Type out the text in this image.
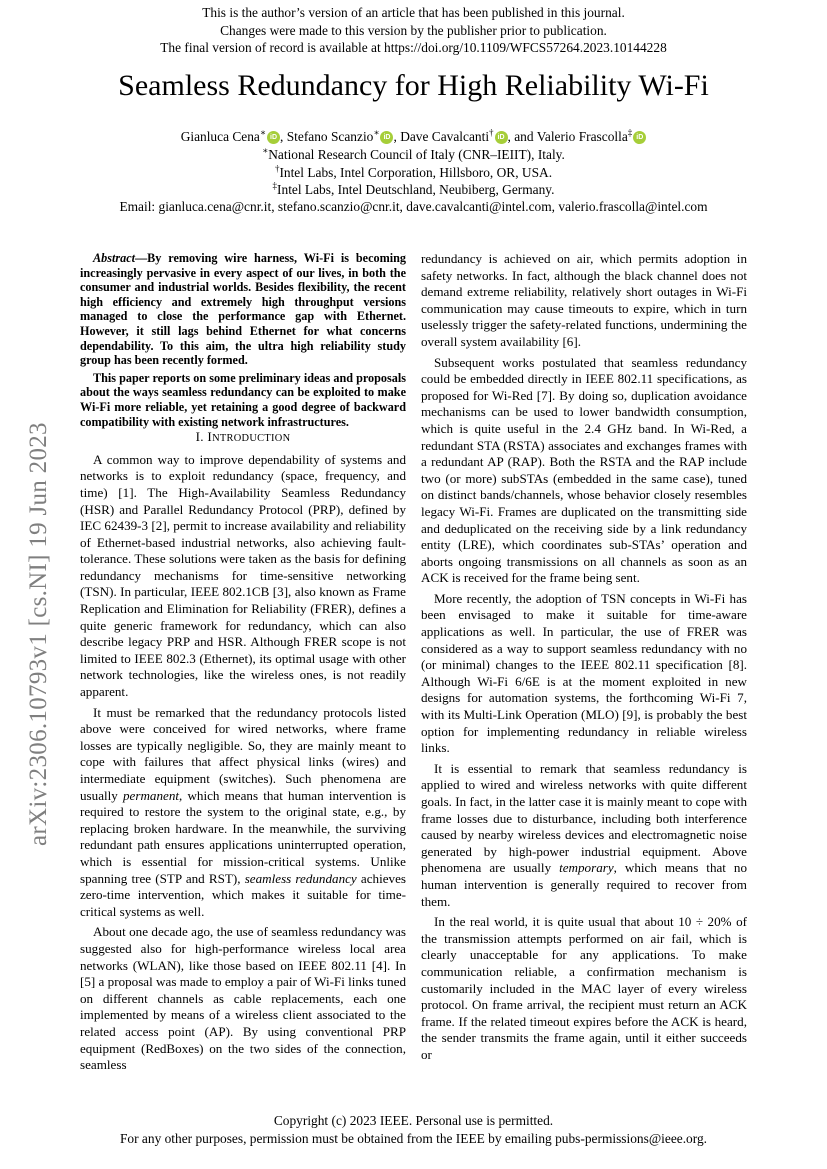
This is the author’s version of an article that has been published in this journal.
Changes were made to this version by the publisher prior to publication.
The final version of record is available at https://doi.org/10.1109/WFCS57264.2023.10144228
Seamless Redundancy for High Reliability Wi-Fi
Gianluca Cena∗ iD , Stefano Scanzio∗ iD , Dave Cavalcanti† iD , and Valerio Frascolla‡ iD
∗National Research Council of Italy (CNR–IEIIT), Italy.
†Intel Labs, Intel Corporation, Hillsboro, OR, USA.
‡Intel Labs, Intel Deutschland, Neubiberg, Germany.
Email: gianluca.cena@cnr.it, stefano.scanzio@cnr.it, dave.cavalcanti@intel.com, valerio.frascolla@intel.com
arXiv:2306.10793v1 [cs.NI] 19 Jun 2023

Abstract—By removing wire harness, Wi-Fi is becoming increasingly pervasive in every aspect of our lives, in both the consumer and industrial worlds. Besides flexibility, the recent high efficiency and extremely high throughput versions managed to close the performance gap with Ethernet. However, it still lags behind Ethernet for what concerns dependability. To this aim, the ultra high reliability study group has been recently formed.

This paper reports on some preliminary ideas and proposals about the ways seamless redundancy can be exploited to make Wi-Fi more reliable, yet retaining a good degree of backward compatibility with existing network infrastructures.

I. INTRODUCTION

A common way to improve dependability of systems and networks is to exploit redundancy (space, frequency, and time) [1]. The High-Availability Seamless Redundancy (HSR) and Parallel Redundancy Protocol (PRP), defined by IEC 62439-3 [2], permit to increase availability and reliability of Ethernet-based industrial networks, also achieving fault-tolerance. These solutions were taken as the basis for defining redundancy mechanisms for time-sensitive networking (TSN). In particular, IEEE 802.1CB [3], also known as Frame Replication and Elimination for Reliability (FRER), defines a quite generic framework for redundancy, which can also describe legacy PRP and HSR. Although FRER scope is not limited to IEEE 802.3 (Ethernet), its optimal usage with other network technologies, like the wireless ones, is not readily apparent.

It must be remarked that the redundancy protocols listed above were conceived for wired networks, where frame losses are typically negligible. So, they are mainly meant to cope with failures that affect physical links (wires) and intermediate equipment (switches). Such phenomena are usually permanent, which means that human intervention is required to restore the system to the original state, e.g., by replacing broken hardware. In the meanwhile, the surviving redundant path ensures applications uninterrupted operation, which is essential for mission-critical systems. Unlike spanning tree (STP and RST), seamless redundancy achieves zero-time intervention, which makes it suitable for time-critical systems as well.

About one decade ago, the use of seamless redundancy was suggested also for high-performance wireless local area networks (WLAN), like those based on IEEE 802.11 [4]. In [5] a proposal was made to employ a pair of Wi-Fi links tuned on different channels as cable replacements, each one implemented by means of a wireless client associated to the related access point (AP). By using conventional PRP equipment (RedBoxes) on the two sides of the connection, seamless

redundancy is achieved on air, which permits adoption in safety networks. In fact, although the black channel does not demand extreme reliability, relatively short outages in Wi-Fi communication may cause timeouts to expire, which in turn uselessly trigger the safety-related functions, undermining the overall system availability [6].

Subsequent works postulated that seamless redundancy could be embedded directly in IEEE 802.11 specifications, as proposed for Wi-Red [7]. By doing so, duplication avoidance mechanisms can be used to lower bandwidth consumption, which is quite useful in the 2.4 GHz band. In Wi-Red, a redundant STA (RSTA) associates and exchanges frames with a redundant AP (RAP). Both the RSTA and the RAP include two (or more) subSTAs (embedded in the same case), tuned on distinct bands/channels, whose behavior closely resembles legacy Wi-Fi. Frames are duplicated on the transmitting side and deduplicated on the receiving side by a link redundancy entity (LRE), which coordinates sub-STAs’ operation and aborts ongoing transmissions on all channels as soon as an ACK is received for the frame being sent.

More recently, the adoption of TSN concepts in Wi-Fi has been envisaged to make it suitable for time-aware applications as well. In particular, the use of FRER was considered as a way to support seamless redundancy with no (or minimal) changes to the IEEE 802.11 specification [8]. Although Wi-Fi 6/6E is at the moment exploited in new designs for automation systems, the forthcoming Wi-Fi 7, with its Multi-Link Operation (MLO) [9], is probably the best option for implementing redundancy in reliable wireless links.

It is essential to remark that seamless redundancy is applied to wired and wireless networks with quite different goals. In fact, in the latter case it is mainly meant to cope with frame losses due to disturbance, including both interference caused by nearby wireless devices and electromagnetic noise generated by high-power industrial equipment. Above phenomena are usually temporary, which means that no human intervention is generally required to recover from them.

In the real world, it is quite usual that about 10 ÷ 20% of the transmission attempts performed on air fail, which is clearly unacceptable for any applications. To make communication reliable, a confirmation mechanism is customarily included in the MAC layer of every wireless protocol. On frame arrival, the recipient must return an ACK frame. If the related timeout expires before the ACK is heard, the sender transmits the frame again, until it either succeeds or

Copyright (c) 2023 IEEE. Personal use is permitted.
For any other purposes, permission must be obtained from the IEEE by emailing pubs-permissions@ieee.org.
